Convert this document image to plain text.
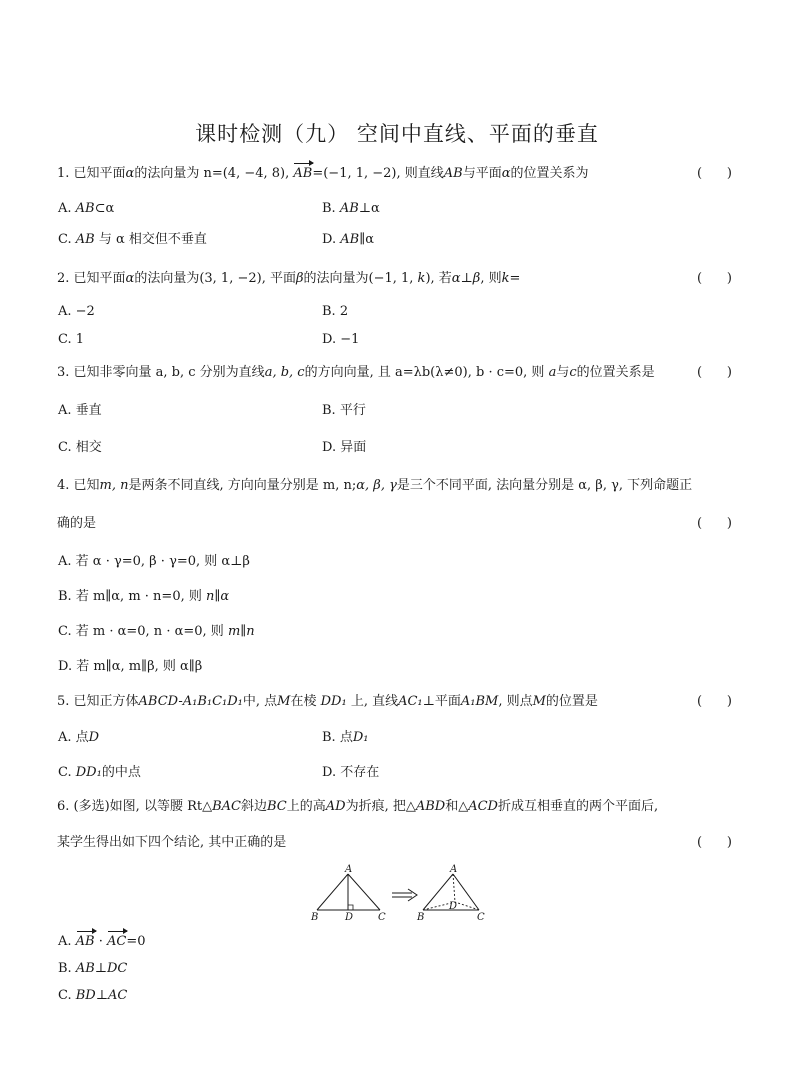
课时检测（九） 空间中直线、平面的垂直
1. 已知平面α的法向量为 n=(4, −4, 8), AB=(−1, 1, −2), 则直线AB与平面α的位置关系为	(      )
A. AB⊂α	B. AB⊥α
C. AB 与 α 相交但不垂直	D. AB∥α
2. 已知平面α的法向量为(3, 1, −2), 平面β的法向量为(−1, 1, k), 若α⊥β, 则k=	(      )
A. −2	B. 2
C. 1	D. −1
3. 已知非零向量 a, b, c 分别为直线a, b, c的方向向量, 且 a=λb(λ≠0), b · c=0, 则 a与c的位置关系是	(      )
A. 垂直	B. 平行
C. 相交	D. 异面
4. 已知m, n是两条不同直线, 方向向量分别是 m, n;α, β, γ是三个不同平面, 法向量分别是 α, β, γ, 下列命题正
确的是	(      )
A. 若 α · γ=0, β · γ=0, 则 α⊥β
B. 若 m∥α, m · n=0, 则 n∥α
C. 若 m · α=0, n · α=0, 则 m∥n
D. 若 m∥α, m∥β, 则 α∥β
5. 已知正方体ABCD-A₁B₁C₁D₁中, 点M在棱 DD₁ 上, 直线AC₁⊥平面A₁BM, 则点M的位置是	(      )
A. 点D	B. 点D₁
C. DD₁的中点	D. 不存在
6. (多选)如图, 以等腰 Rt△BAC斜边BC上的高AD为折痕, 把△ABD和△ACD折成互相垂直的两个平面后,
某学生得出如下四个结论, 其中正确的是	(      )
A
B	D C
A
B
D
C
A. AB · AC=0
B. AB⊥DC
C. BD⊥AC
